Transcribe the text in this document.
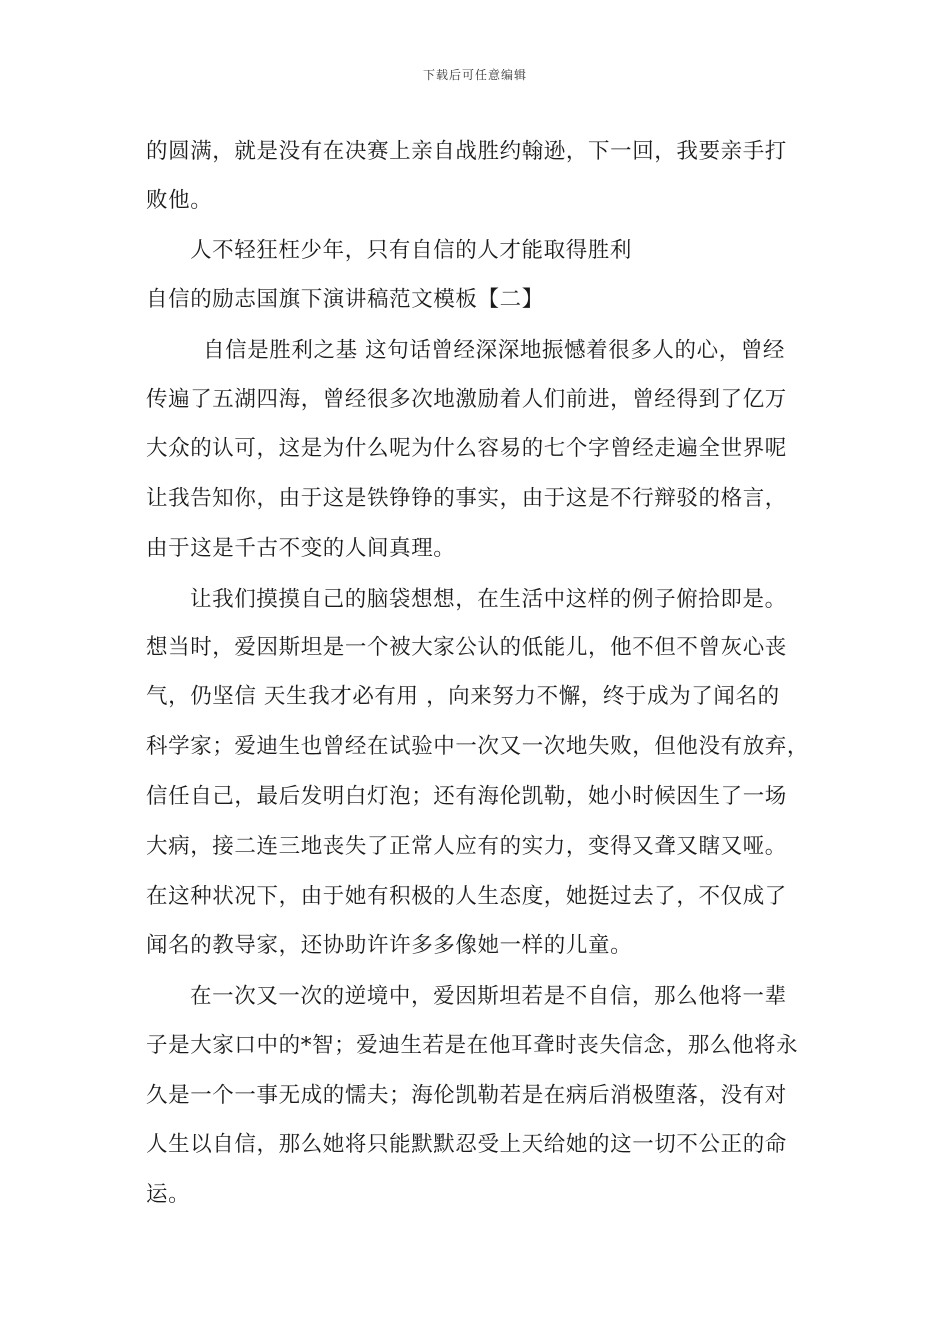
下载后可任意编辑
的圆满，就是没有在决赛上亲自战胜约翰逊，下一回，我要亲手打
败他。
人不轻狂枉少年，只有自信的人才能取得胜利
自信的励志国旗下演讲稿范文模板【二】
自信是胜利之基 这句话曾经深深地振憾着很多人的心，曾经
传遍了五湖四海，曾经很多次地激励着人们前进，曾经得到了亿万
大众的认可，这是为什么呢为什么容易的七个字曾经走遍全世界呢
让我告知你，由于这是铁铮铮的事实，由于这是不行辩驳的格言，
由于这是千古不变的人间真理。
让我们摸摸自己的脑袋想想，在生活中这样的例子俯拾即是。
想当时，爱因斯坦是一个被大家公认的低能儿，他不但不曾灰心丧
气，仍坚信 天生我才必有用 ，向来努力不懈，终于成为了闻名的
科学家；爱迪生也曾经在试验中一次又一次地失败，但他没有放弃，
信任自己，最后发明白灯泡；还有海伦凯勒，她小时候因生了一场
大病，接二连三地丧失了正常人应有的实力，变得又聋又瞎又哑。
在这种状况下，由于她有积极的人生态度，她挺过去了，不仅成了
闻名的教导家，还协助许许多多像她一样的儿童。
在一次又一次的逆境中，爱因斯坦若是不自信，那么他将一辈
子是大家口中的*智；爱迪生若是在他耳聋时丧失信念，那么他将永
久是一个一事无成的懦夫；海伦凯勒若是在病后消极堕落，没有对
人生以自信，那么她将只能默默忍受上天给她的这一切不公正的命
运。
